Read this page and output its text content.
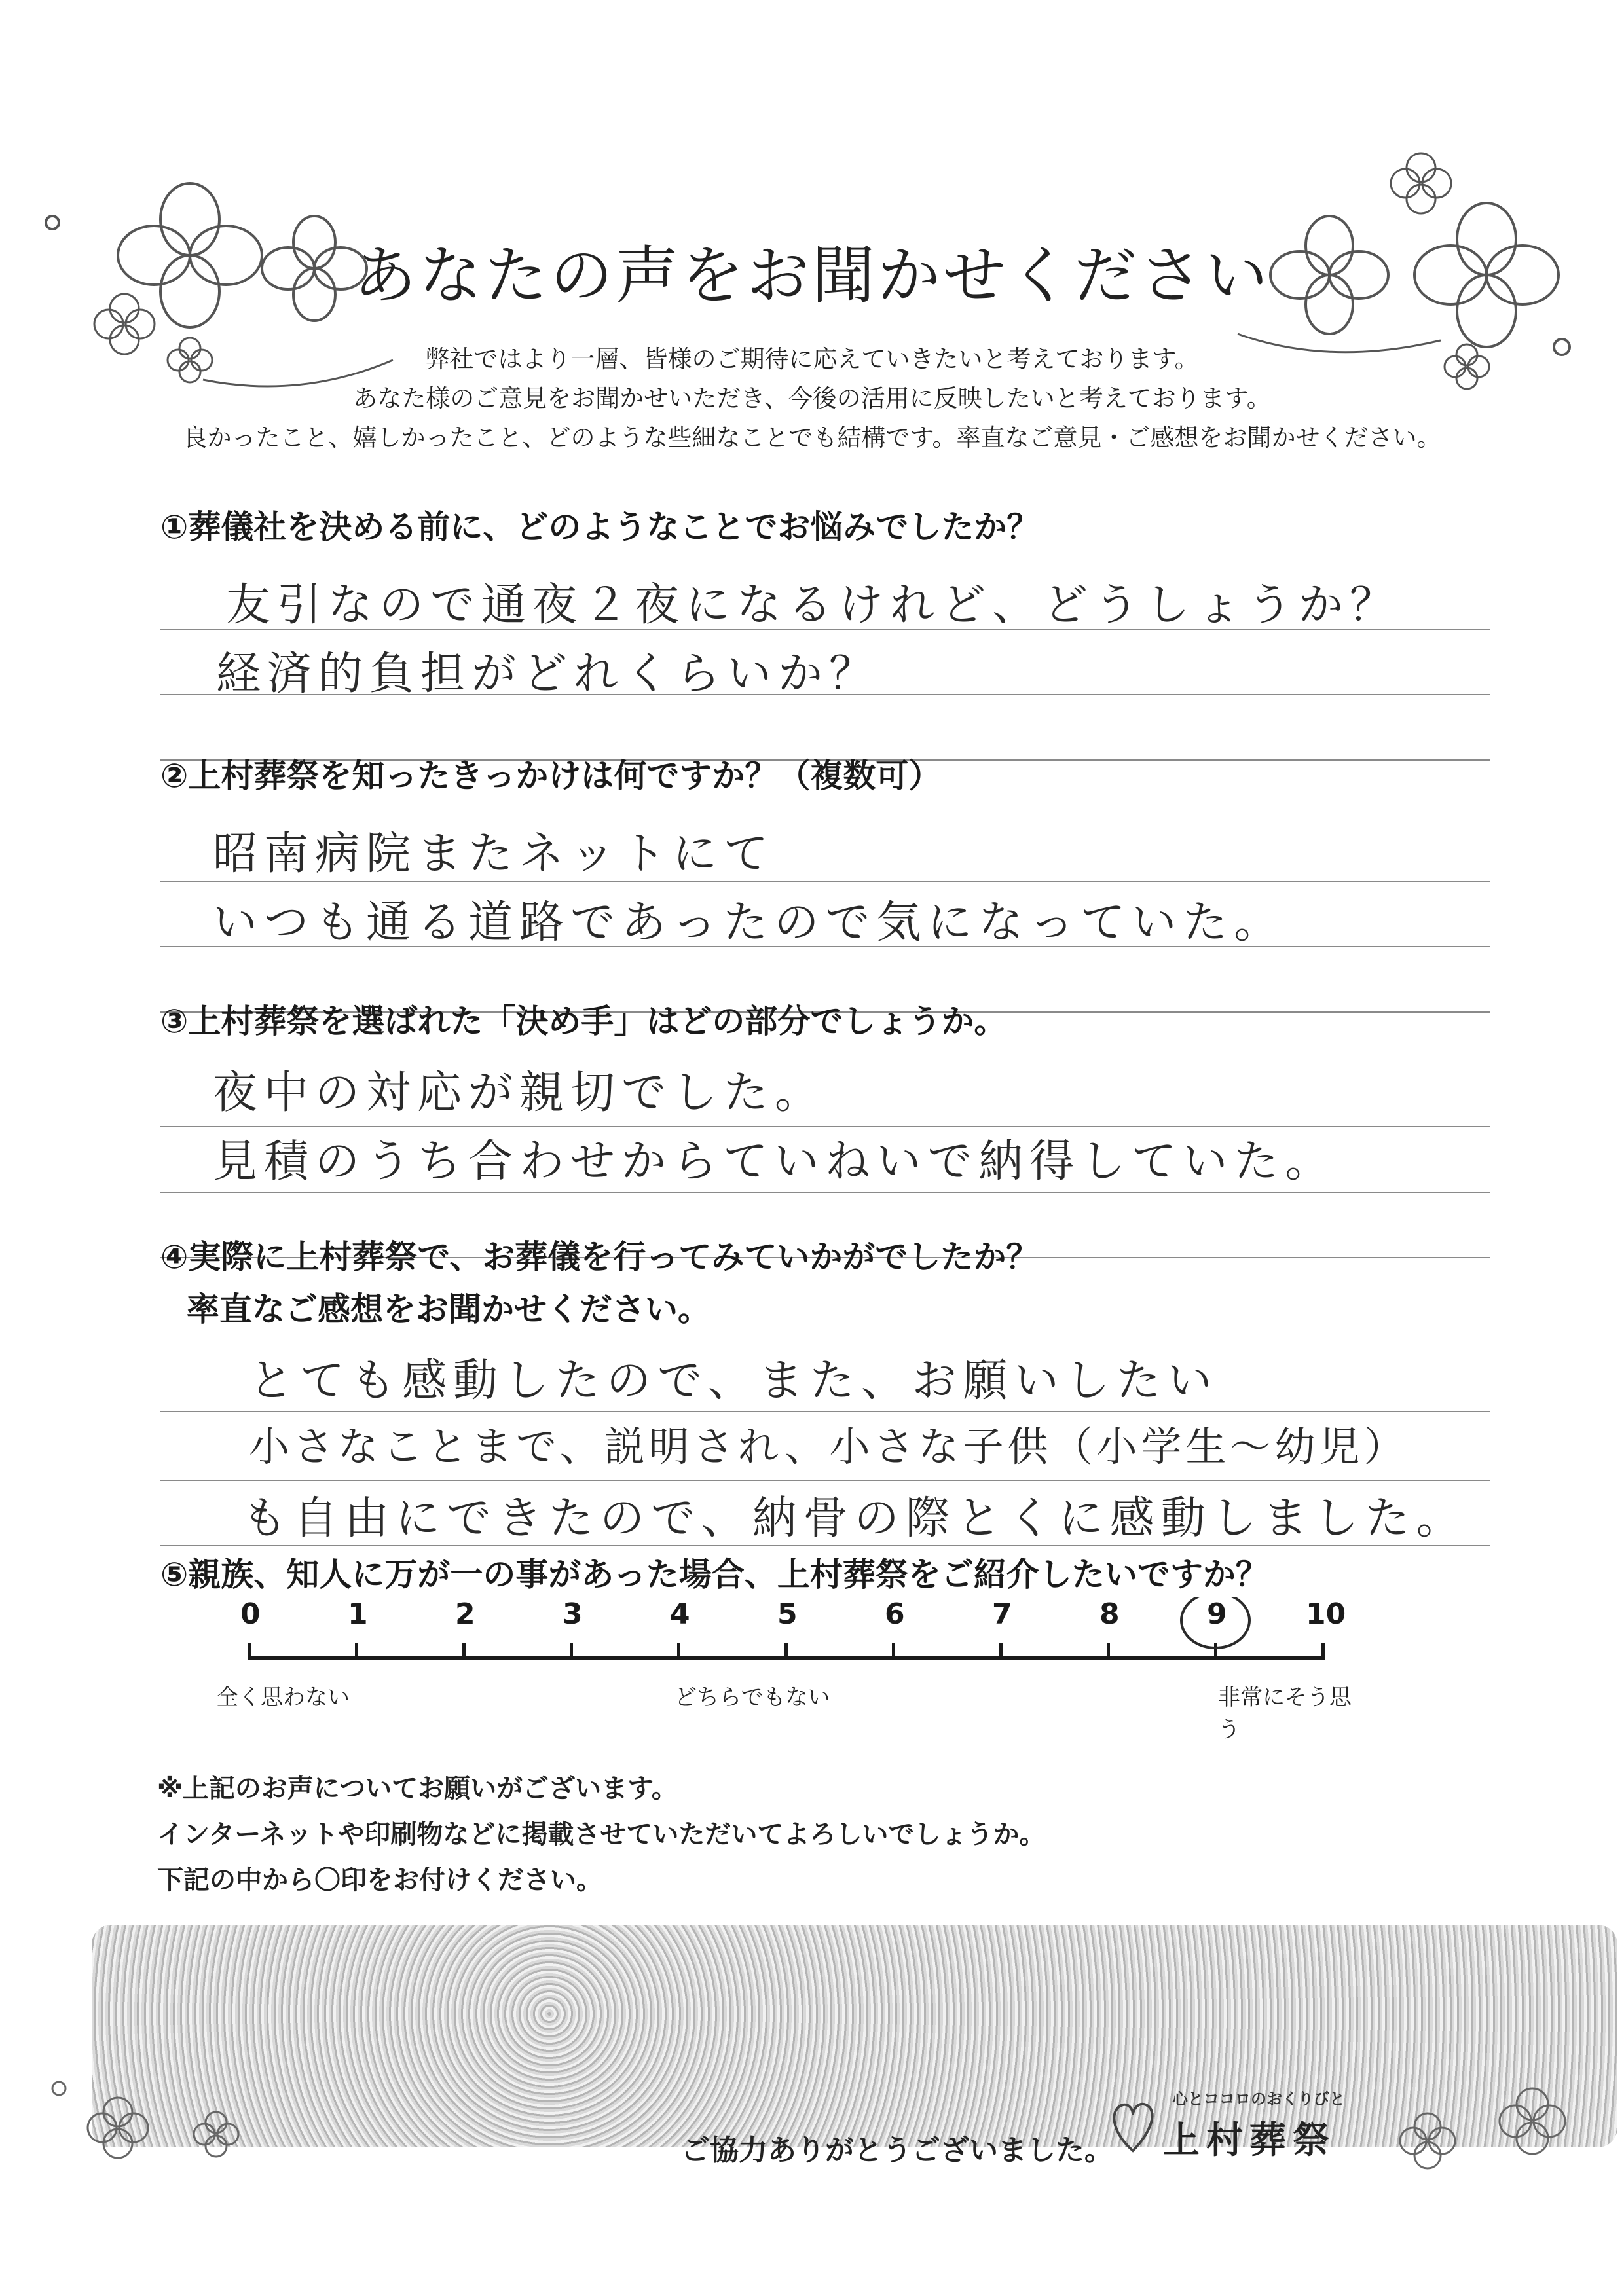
あなたの声をお聞かせください
弊社ではより一層、皆様のご期待に応えていきたいと考えております。
あなた様のご意見をお聞かせいただき、今後の活用に反映したいと考えております。
良かったこと、嬉しかったこと、どのような些細なことでも結構です。率直なご意見・ご感想をお聞かせください。
①葬儀社を決める前に、どのようなことでお悩みでしたか？
友引なので通夜２夜になるけれど、どうしょうか？
経済的負担がどれくらいか？
②上村葬祭を知ったきっかけは何ですか？（複数可）
昭南病院またネットにて
いつも通る道路であったので気になっていた。
③上村葬祭を選ばれた「決め手」はどの部分でしょうか。
夜中の対応が親切でした。
見積のうち合わせからていねいで納得していた。
④実際に上村葬祭で、お葬儀を行ってみていかがでしたか？
率直なご感想をお聞かせください。
とても感動したので、また、お願いしたい
小さなことまで、説明され、小さな子供（小学生～幼児）
も自由にできたので、納骨の際とくに感動しました。
⑤親族、知人に万が一の事があった場合、上村葬祭をご紹介したいですか？
0	1	2	3	4	5	6	7	8	9	10
全く思わない	どちらでもない	非常にそう思う
※上記のお声についてお願いがございます。
インターネットや印刷物などに掲載させていただいてよろしいでしょうか。
下記の中から〇印をお付けください。
ご協力ありがとうございました。
心とココロのおくりびと
上村葬祭
